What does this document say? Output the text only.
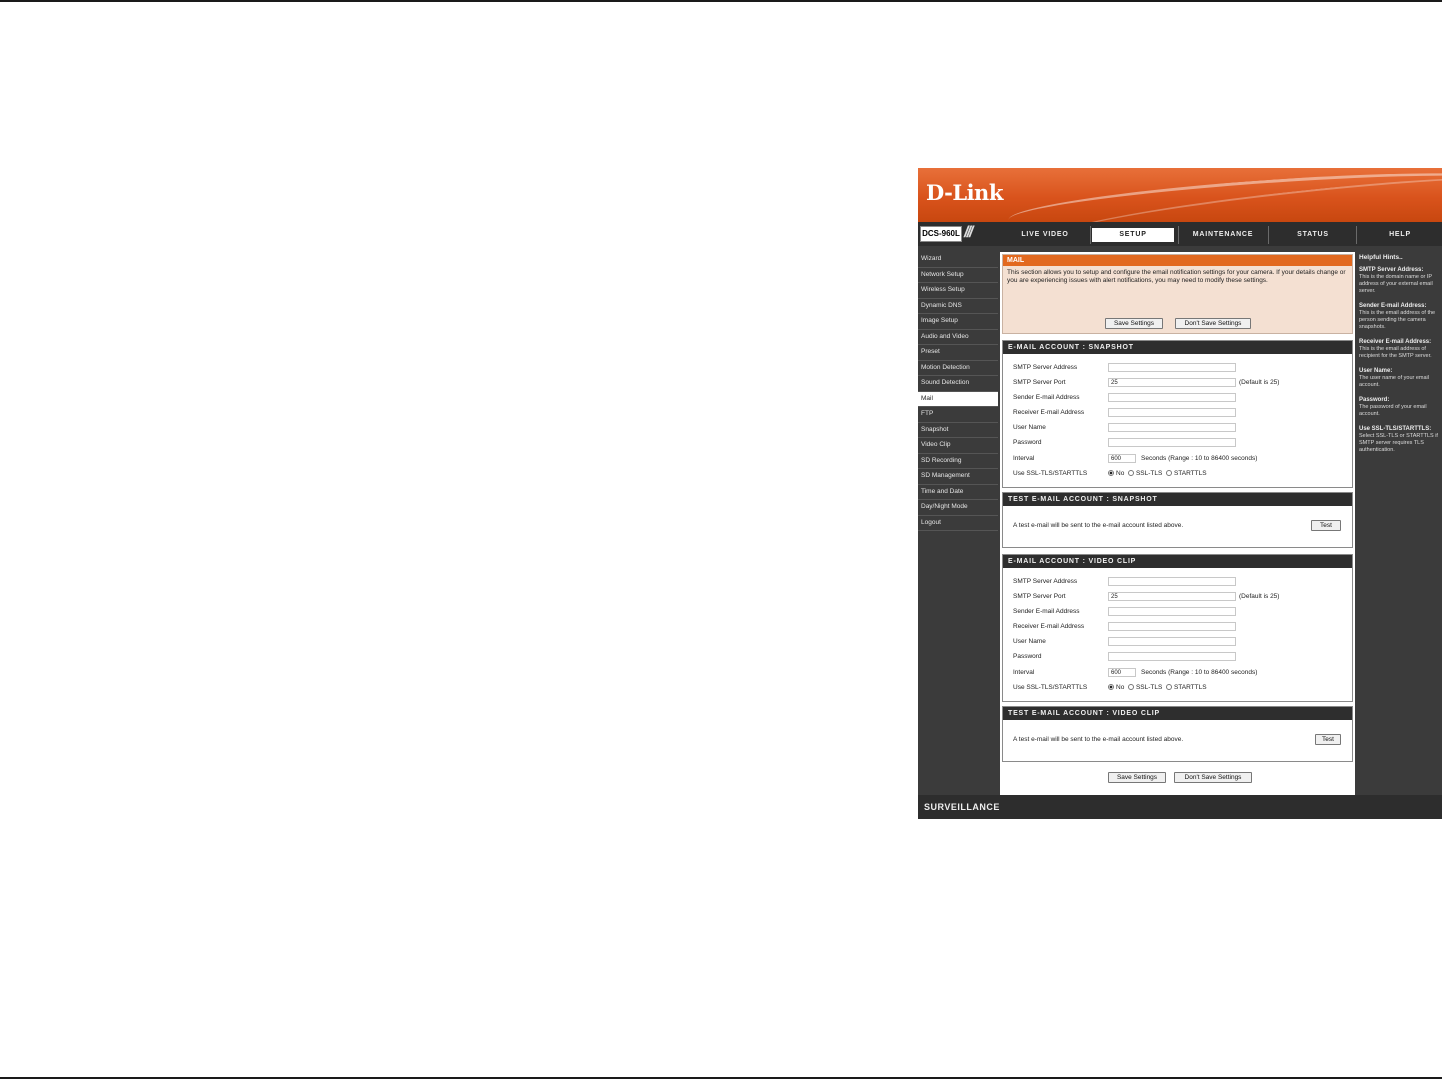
D-Link
DCS-960L ///	LIVE VIDEO	SETUP	MAINTENANCE	STATUS	HELP
Wizard
Network Setup
Wireless Setup
Dynamic DNS
Image Setup
Audio and Video
Preset
Motion Detection
Sound Detection
Mail
FTP
Snapshot
Video Clip
SD Recording
SD Management
Time and Date
Day/Night Mode
Logout
MAIL
This section allows you to setup and configure the email notification settings for your camera. If your details change or you are experiencing issues with alert notifications, you may need to modify these settings.
Save Settings	Don't Save Settings
E-MAIL ACCOUNT : SNAPSHOT
SMTP Server Address
SMTP Server Port	25	(Default is 25)
Sender E-mail Address
Receiver E-mail Address
User Name
Password
Interval	600	Seconds (Range : 10 to 86400 seconds)
Use SSL-TLS/STARTTLS	No SSL-TLS STARTTLS
TEST E-MAIL ACCOUNT : SNAPSHOT
A test e-mail will be sent to the e-mail account listed above.	Test
E-MAIL ACCOUNT : VIDEO CLIP
SMTP Server Address
SMTP Server Port	25	(Default is 25)
Sender E-mail Address
Receiver E-mail Address
User Name
Password
Interval	600	Seconds (Range : 10 to 86400 seconds)
Use SSL-TLS/STARTTLS	No SSL-TLS STARTTLS
TEST E-MAIL ACCOUNT : VIDEO CLIP
A test e-mail will be sent to the e-mail account listed above.	Test
Save Settings	Don't Save Settings
Helpful Hints..
SMTP Server Address:
This is the domain name or IP address of your external email server.
Sender E-mail Address:
This is the email address of the person sending the camera snapshots.
Receiver E-mail Address:
This is the email address of recipient for the SMTP server.
User Name:
The user name of your email account.
Password:
The password of your email account.
Use SSL-TLS/STARTTLS:
Select SSL-TLS or STARTTLS if SMTP server requires TLS authentication.
SURVEILLANCE
